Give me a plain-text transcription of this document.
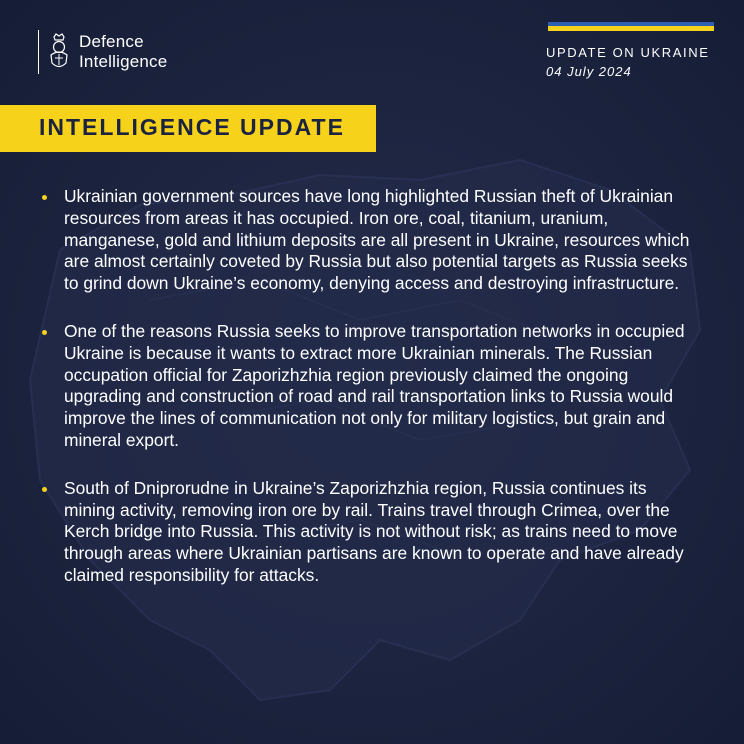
Defence
Intelligence	UPDATE ON UKRAINE
04 July 2024
INTELLIGENCE UPDATE
Ukrainian government sources have long highlighted Russian theft of Ukrainian resources from areas it has occupied. Iron ore, coal, titanium, uranium, manganese, gold and lithium deposits are all present in Ukraine, resources which are almost certainly coveted by Russia but also potential targets as Russia seeks to grind down Ukraine’s economy, denying access and destroying infrastructure.
One of the reasons Russia seeks to improve transportation networks in occupied Ukraine is because it wants to extract more Ukrainian minerals. The Russian occupation official for Zaporizhzhia region previously claimed the ongoing upgrading and construction of road and rail transportation links to Russia would improve the lines of communication not only for military logistics, but grain and mineral export.
South of Dniprorudne in Ukraine’s Zaporizhzhia region, Russia continues its mining activity, removing iron ore by rail. Trains travel through Crimea, over the Kerch bridge into Russia. This activity is not without risk; as trains need to move through areas where Ukrainian partisans are known to operate and have already claimed responsibility for attacks.
